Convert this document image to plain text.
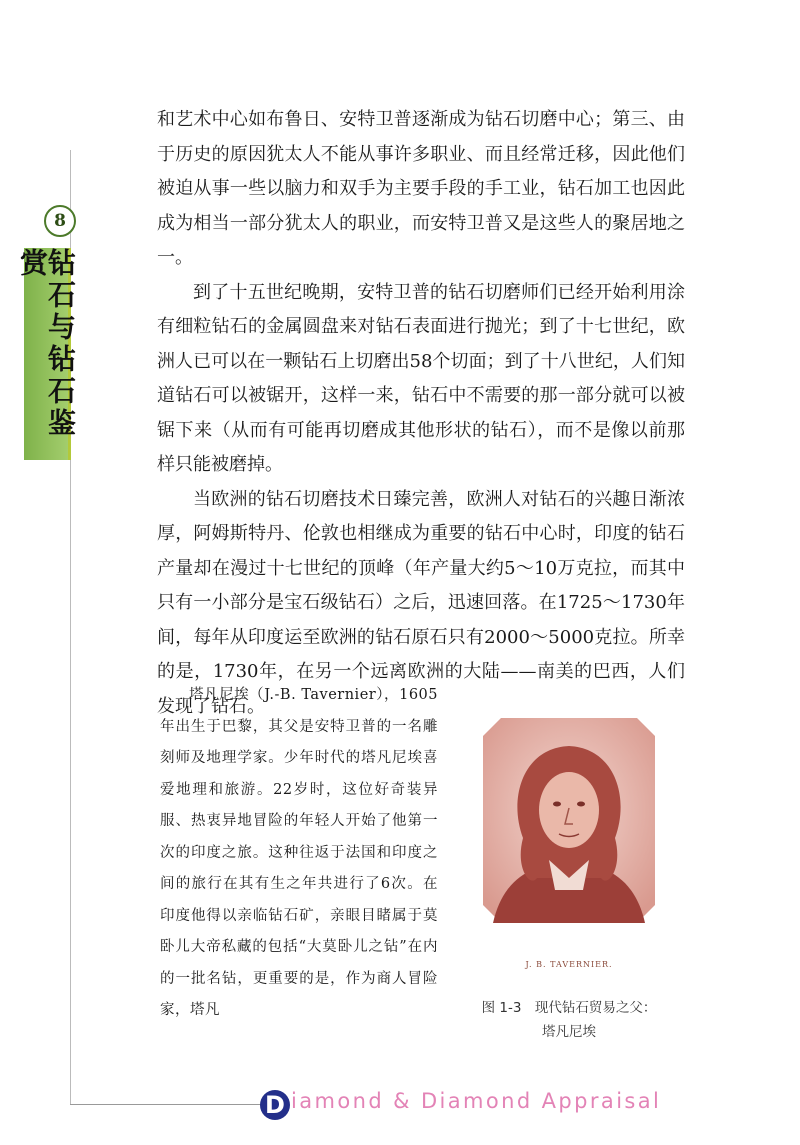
8
钻石与钻石鉴赏

和艺术中心如布鲁日、安特卫普逐渐成为钻石切磨中心；第三、由于历史的原因犹太人不能从事许多职业、而且经常迁移，因此他们被迫从事一些以脑力和双手为主要手段的手工业，钻石加工也因此成为相当一部分犹太人的职业，而安特卫普又是这些人的聚居地之一。

到了十五世纪晚期，安特卫普的钻石切磨师们已经开始利用涂有细粒钻石的金属圆盘来对钻石表面进行抛光；到了十七世纪，欧洲人已可以在一颗钻石上切磨出58个切面；到了十八世纪，人们知道钻石可以被锯开，这样一来，钻石中不需要的那一部分就可以被锯下来（从而有可能再切磨成其他形状的钻石），而不是像以前那样只能被磨掉。

当欧洲的钻石切磨技术日臻完善，欧洲人对钻石的兴趣日渐浓厚，阿姆斯特丹、伦敦也相继成为重要的钻石中心时，印度的钻石产量却在漫过十七世纪的顶峰（年产量大约5～10万克拉，而其中只有一小部分是宝石级钻石）之后，迅速回落。在1725～1730年间，每年从印度运至欧洲的钻石原石只有2000～5000克拉。所幸的是，1730年，在另一个远离欧洲的大陆——南美的巴西，人们发现了钻石。

塔凡尼埃（J.-B. Tavernier），1605年出生于巴黎，其父是安特卫普的一名雕刻师及地理学家。少年时代的塔凡尼埃喜爱地理和旅游。22岁时，这位好奇装异服、热衷异地冒险的年轻人开始了他第一次的印度之旅。这种往返于法国和印度之间的旅行在其有生之年共进行了6次。在印度他得以亲临钻石矿，亲眼目睹属于莫卧儿大帝私藏的包括“大莫卧儿之钻”在内的一批名钻，更重要的是，作为商人冒险家，塔凡
J. B. TAVERNIER.
图 1-3　现代钻石贸易之父：
塔凡尼埃
D iamond & Diamond Appraisal
